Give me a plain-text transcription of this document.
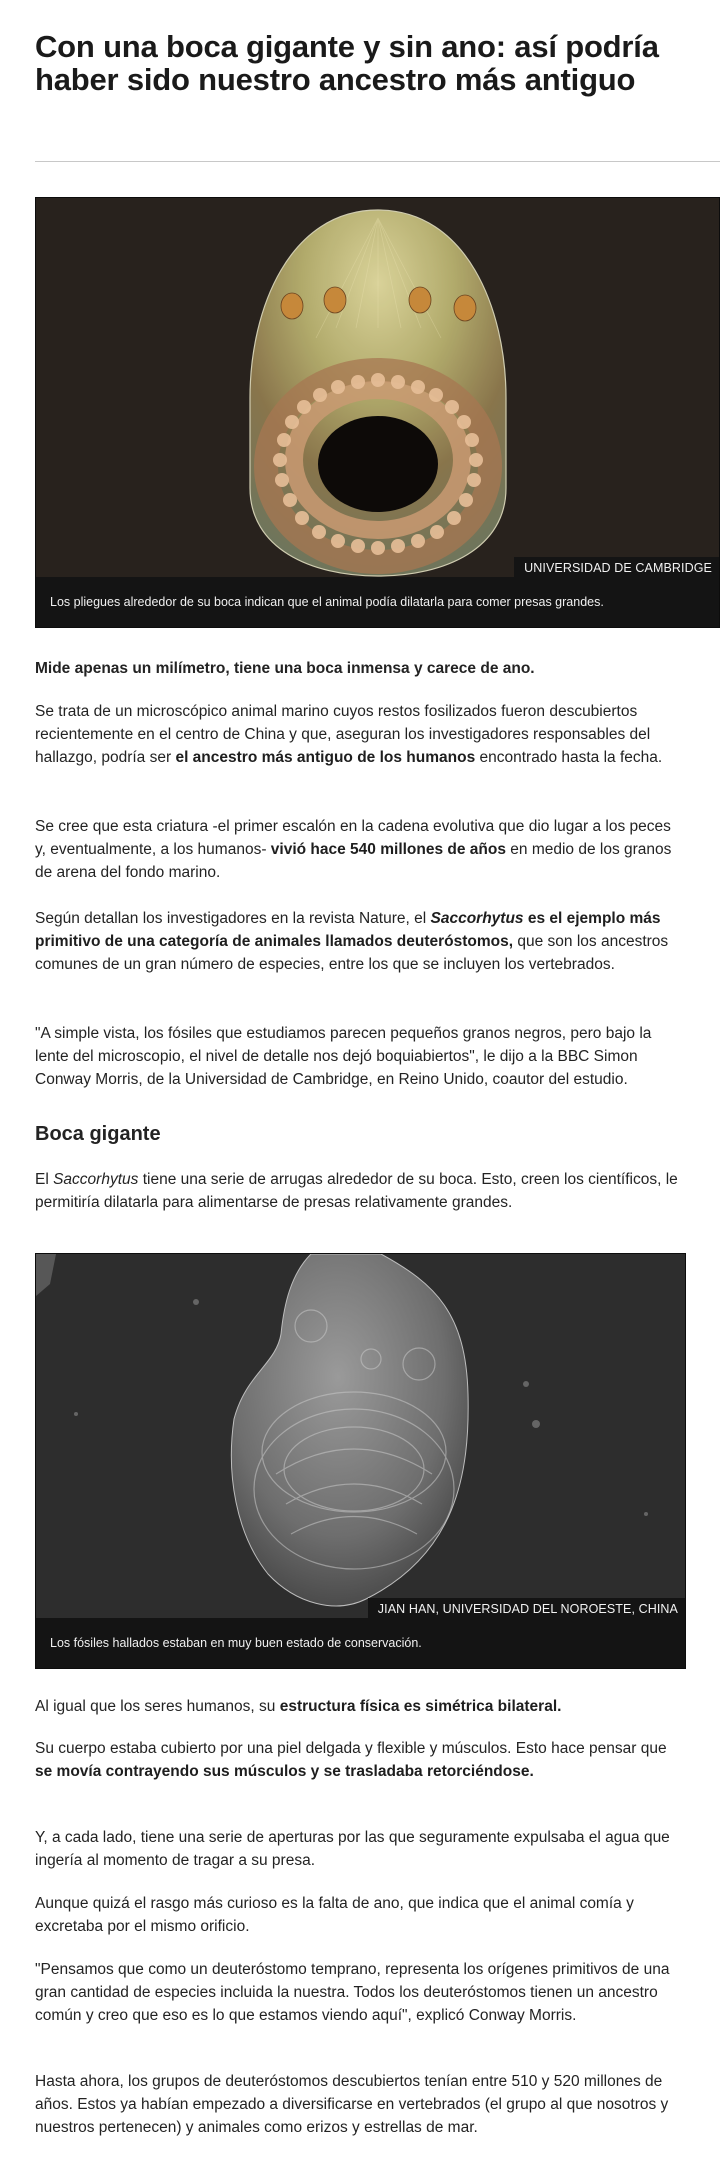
Con una boca gigante y sin ano: así podría haber sido nuestro ancestro más antiguo
UNIVERSIDAD DE CAMBRIDGE
Los pliegues alrededor de su boca indican que el animal podía dilatarla para comer presas grandes.

Mide apenas un milímetro, tiene una boca inmensa y carece de ano.

Se trata de un microscópico animal marino cuyos restos fosilizados fueron descubiertos recientemente en el centro de China y que, aseguran los investigadores responsables del hallazgo, podría ser el ancestro más antiguo de los humanos encontrado hasta la fecha.

Se cree que esta criatura -el primer escalón en la cadena evolutiva que dio lugar a los peces y, eventualmente, a los humanos- vivió hace 540 millones de años en medio de los granos de arena del fondo marino.

Según detallan los investigadores en la revista Nature, el Saccorhytus es el ejemplo más primitivo de una categoría de animales llamados deuteróstomos, que son los ancestros comunes de un gran número de especies, entre los que se incluyen los vertebrados.

"A simple vista, los fósiles que estudiamos parecen pequeños granos negros, pero bajo la lente del microscopio, el nivel de detalle nos dejó boquiabiertos", le dijo a la BBC Simon Conway Morris, de la Universidad de Cambridge, en Reino Unido, coautor del estudio.

Boca gigante

El Saccorhytus tiene una serie de arrugas alrededor de su boca. Esto, creen los científicos, le permitiría dilatarla para alimentarse de presas relativamente grandes.

JIAN HAN, UNIVERSIDAD DEL NOROESTE, CHINA
Los fósiles hallados estaban en muy buen estado de conservación.

Al igual que los seres humanos, su estructura física es simétrica bilateral.

Su cuerpo estaba cubierto por una piel delgada y flexible y músculos. Esto hace pensar que se movía contrayendo sus músculos y se trasladaba retorciéndose.

Y, a cada lado, tiene una serie de aperturas por las que seguramente expulsaba el agua que ingería al momento de tragar a su presa.

Aunque quizá el rasgo más curioso es la falta de ano, que indica que el animal comía y excretaba por el mismo orificio.

"Pensamos que como un deuteróstomo temprano, representa los orígenes primitivos de una gran cantidad de especies incluida la nuestra. Todos los deuteróstomos tienen un ancestro común y creo que eso es lo que estamos viendo aquí", explicó Conway Morris.

Hasta ahora, los grupos de deuteróstomos descubiertos tenían entre 510 y 520 millones de años. Estos ya habían empezado a diversificarse en vertebrados (el grupo al que nosotros y nuestros pertenecen) y animales como erizos y estrellas de mar.
